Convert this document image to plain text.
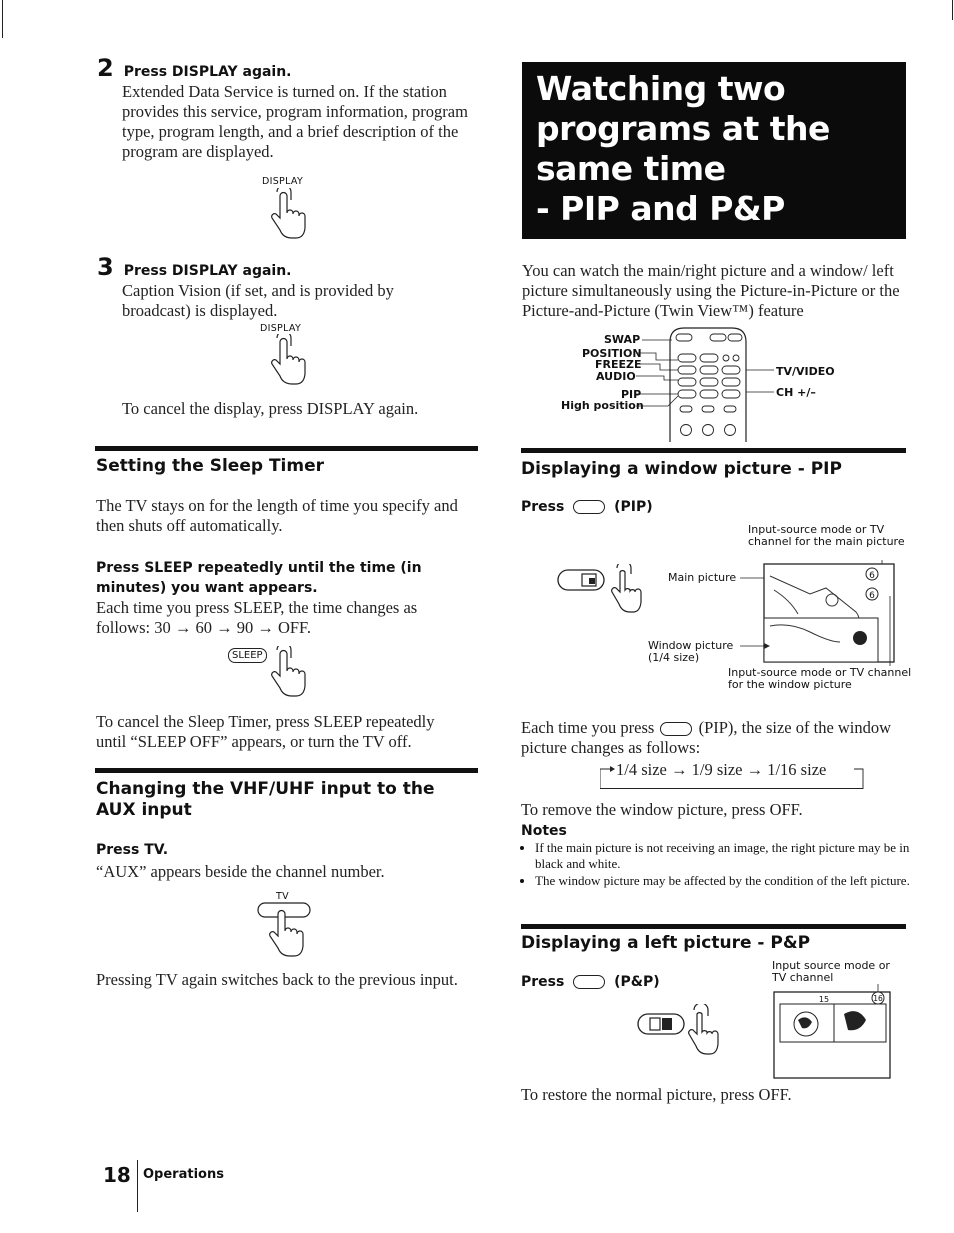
2 Press DISPLAY again.
Extended Data Service is turned on. If the station provides this service, program information, program type, program length, and a brief description of the program are displayed.
DISPLAY
3 Press DISPLAY again.
Caption Vision (if set, and is provided by broadcast) is displayed.
DISPLAY
To cancel the display, press DISPLAY again.
Setting the Sleep Timer
The TV stays on for the length of time you specify and then shuts off automatically.
Press SLEEP repeatedly until the time (in minutes) you want appears.
Each time you press SLEEP, the time changes as follows: 30 → 60 → 90 → OFF.
SLEEP
To cancel the Sleep Timer, press SLEEP repeatedly until “SLEEP OFF” appears, or turn the TV off.
Changing the VHF/UHF input to the AUX input
Press TV.
“AUX” appears beside the channel number.
TV
Pressing TV again switches back to the previous input.
Watching two
programs at the
same time
- PIP and P&P
You can watch the main/right picture and a window/ left picture simultaneously using the Picture-in-Picture or the Picture-and-Picture (Twin View™) feature
SWAP
POSITION
FREEZE
AUDIO
PIP
High position
TV/VIDEO
CH +/–
Displaying a window picture - PIP
Press	(PIP)
Input-source mode or TV channel for the main picture
Main picture
Window picture
(1/4 size)
Input-source mode or TV channel for the window picture
6
6
Each time you press	(PIP), the size of the window picture changes as follows:
1/4 size → 1/9 size → 1/16 size
To remove the window picture, press OFF.
Notes
• If the main picture is not receiving an image, the right picture may be in black and white.
• The window picture may be affected by the condition of the left picture.
Displaying a left picture - P&P
Press	(P&P)
Input source mode or TV channel
15	16
To restore the normal picture, press OFF.
18 Operations
